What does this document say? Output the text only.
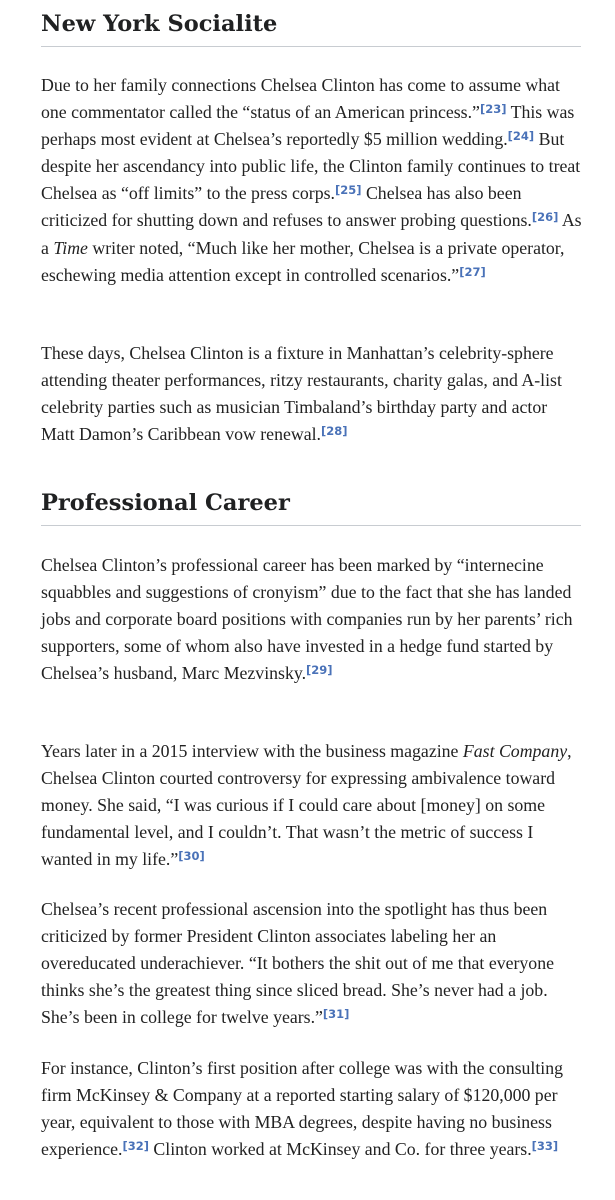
New York Socialite

Due to her family connections Chelsea Clinton has come to assume what one commentator called the “status of an American princess.”[23] This was perhaps most evident at Chelsea’s reportedly $5 million wedding.[24] But despite her ascendancy into public life, the Clinton family continues to treat Chelsea as “off limits” to the press corps.[25] Chelsea has also been criticized for shutting down and refuses to answer probing questions.[26] As a Time writer noted, “Much like her mother, Chelsea is a private operator, eschewing media attention except in controlled scenarios.”[27]

These days, Chelsea Clinton is a fixture in Manhattan’s celebrity-sphere attending theater performances, ritzy restaurants, charity galas, and A-list celebrity parties such as musician Timbaland’s birthday party and actor Matt Damon’s Caribbean vow renewal.[28]

Professional Career

Chelsea Clinton’s professional career has been marked by “internecine squabbles and suggestions of cronyism” due to the fact that she has landed jobs and corporate board positions with companies run by her parents’ rich supporters, some of whom also have invested in a hedge fund started by Chelsea’s husband, Marc Mezvinsky.[29]

Years later in a 2015 interview with the business magazine Fast Company, Chelsea Clinton courted controversy for expressing ambivalence toward money. She said, “I was curious if I could care about [money] on some fundamental level, and I couldn’t. That wasn’t the metric of success I wanted in my life.”[30]

Chelsea’s recent professional ascension into the spotlight has thus been criticized by former President Clinton associates labeling her an overeducated underachiever. “It bothers the shit out of me that everyone thinks she’s the greatest thing since sliced bread. She’s never had a job. She’s been in college for twelve years.”[31]

For instance, Clinton’s first position after college was with the consulting firm McKinsey & Company at a reported starting salary of $120,000 per year, equivalent to those with MBA degrees, despite having no business experience.[32] Clinton worked at McKinsey and Co. for three years.[33]
